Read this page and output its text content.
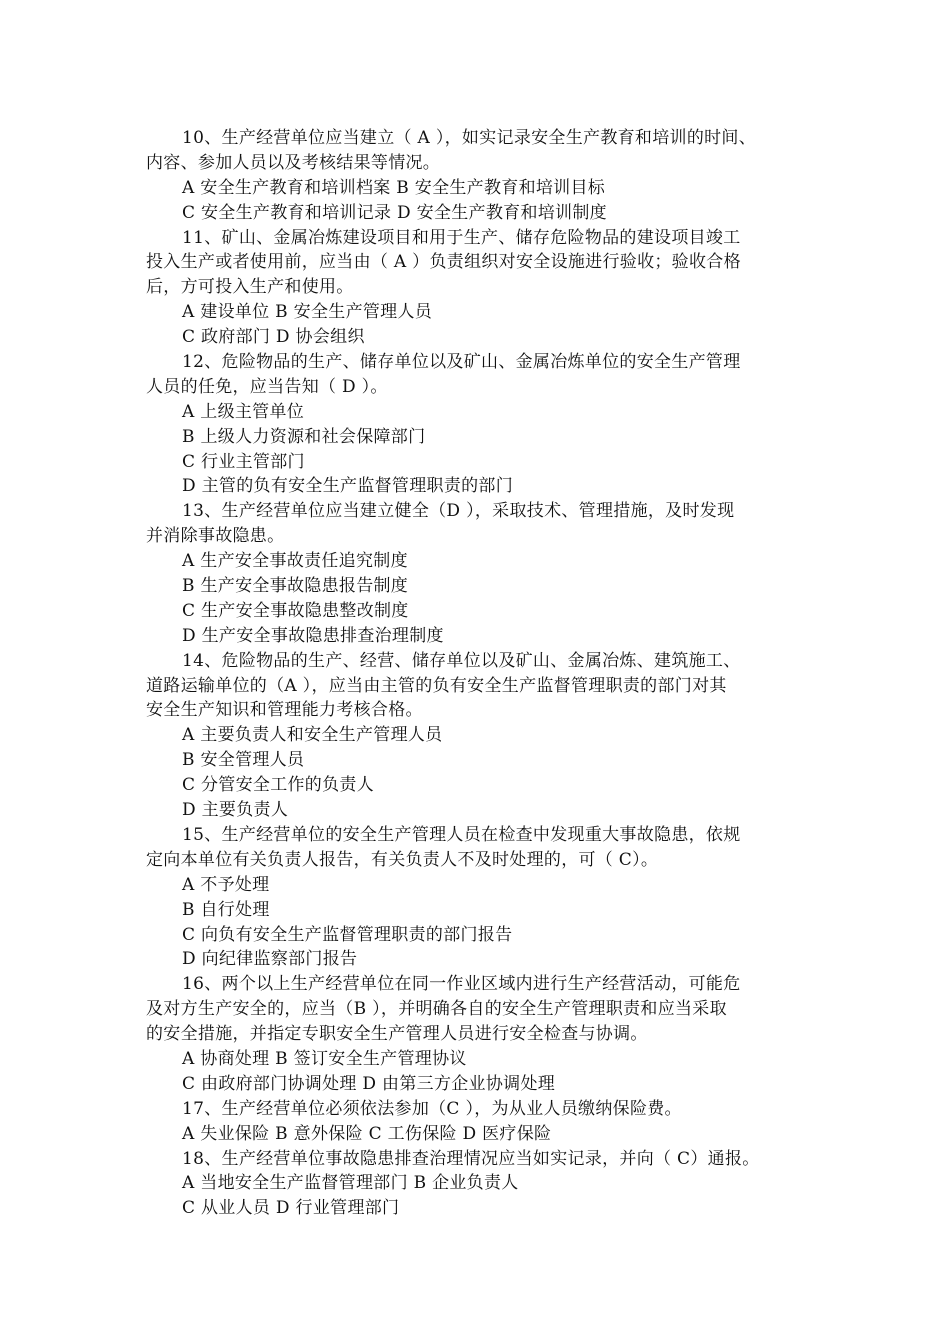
10、生产经营单位应当建立（ A ），如实记录安全生产教育和培训的时间、
内容、参加人员以及考核结果等情况。
A 安全生产教育和培训档案 B 安全生产教育和培训目标
C 安全生产教育和培训记录 D 安全生产教育和培训制度
11、矿山、金属冶炼建设项目和用于生产、储存危险物品的建设项目竣工
投入生产或者使用前，应当由（ A ）负责组织对安全设施进行验收；验收合格
后，方可投入生产和使用。
A 建设单位 B 安全生产管理人员
C 政府部门 D 协会组织
12、危险物品的生产、储存单位以及矿山、金属冶炼单位的安全生产管理
人员的任免，应当告知（ D ）。
A 上级主管单位
B 上级人力资源和社会保障部门
C 行业主管部门
D 主管的负有安全生产监督管理职责的部门
13、生产经营单位应当建立健全（D ），采取技术、管理措施，及时发现
并消除事故隐患。
A 生产安全事故责任追究制度
B 生产安全事故隐患报告制度
C 生产安全事故隐患整改制度
D 生产安全事故隐患排查治理制度
14、危险物品的生产、经营、储存单位以及矿山、金属冶炼、建筑施工、
道路运输单位的（A ），应当由主管的负有安全生产监督管理职责的部门对其
安全生产知识和管理能力考核合格。
A 主要负责人和安全生产管理人员
B 安全管理人员
C 分管安全工作的负责人
D 主要负责人
15、生产经营单位的安全生产管理人员在检查中发现重大事故隐患，依规
定向本单位有关负责人报告，有关负责人不及时处理的，可（ C）。
A 不予处理
B 自行处理
C 向负有安全生产监督管理职责的部门报告
D 向纪律监察部门报告
16、两个以上生产经营单位在同一作业区域内进行生产经营活动，可能危
及对方生产安全的，应当（B ），并明确各自的安全生产管理职责和应当采取
的安全措施，并指定专职安全生产管理人员进行安全检查与协调。
A 协商处理 B 签订安全生产管理协议
C 由政府部门协调处理 D 由第三方企业协调处理
17、生产经营单位必须依法参加（C ），为从业人员缴纳保险费。
A 失业保险 B 意外保险 C 工伤保险 D 医疗保险
18、生产经营单位事故隐患排查治理情况应当如实记录，并向（ C）通报。
A 当地安全生产监督管理部门 B 企业负责人
C 从业人员 D 行业管理部门
